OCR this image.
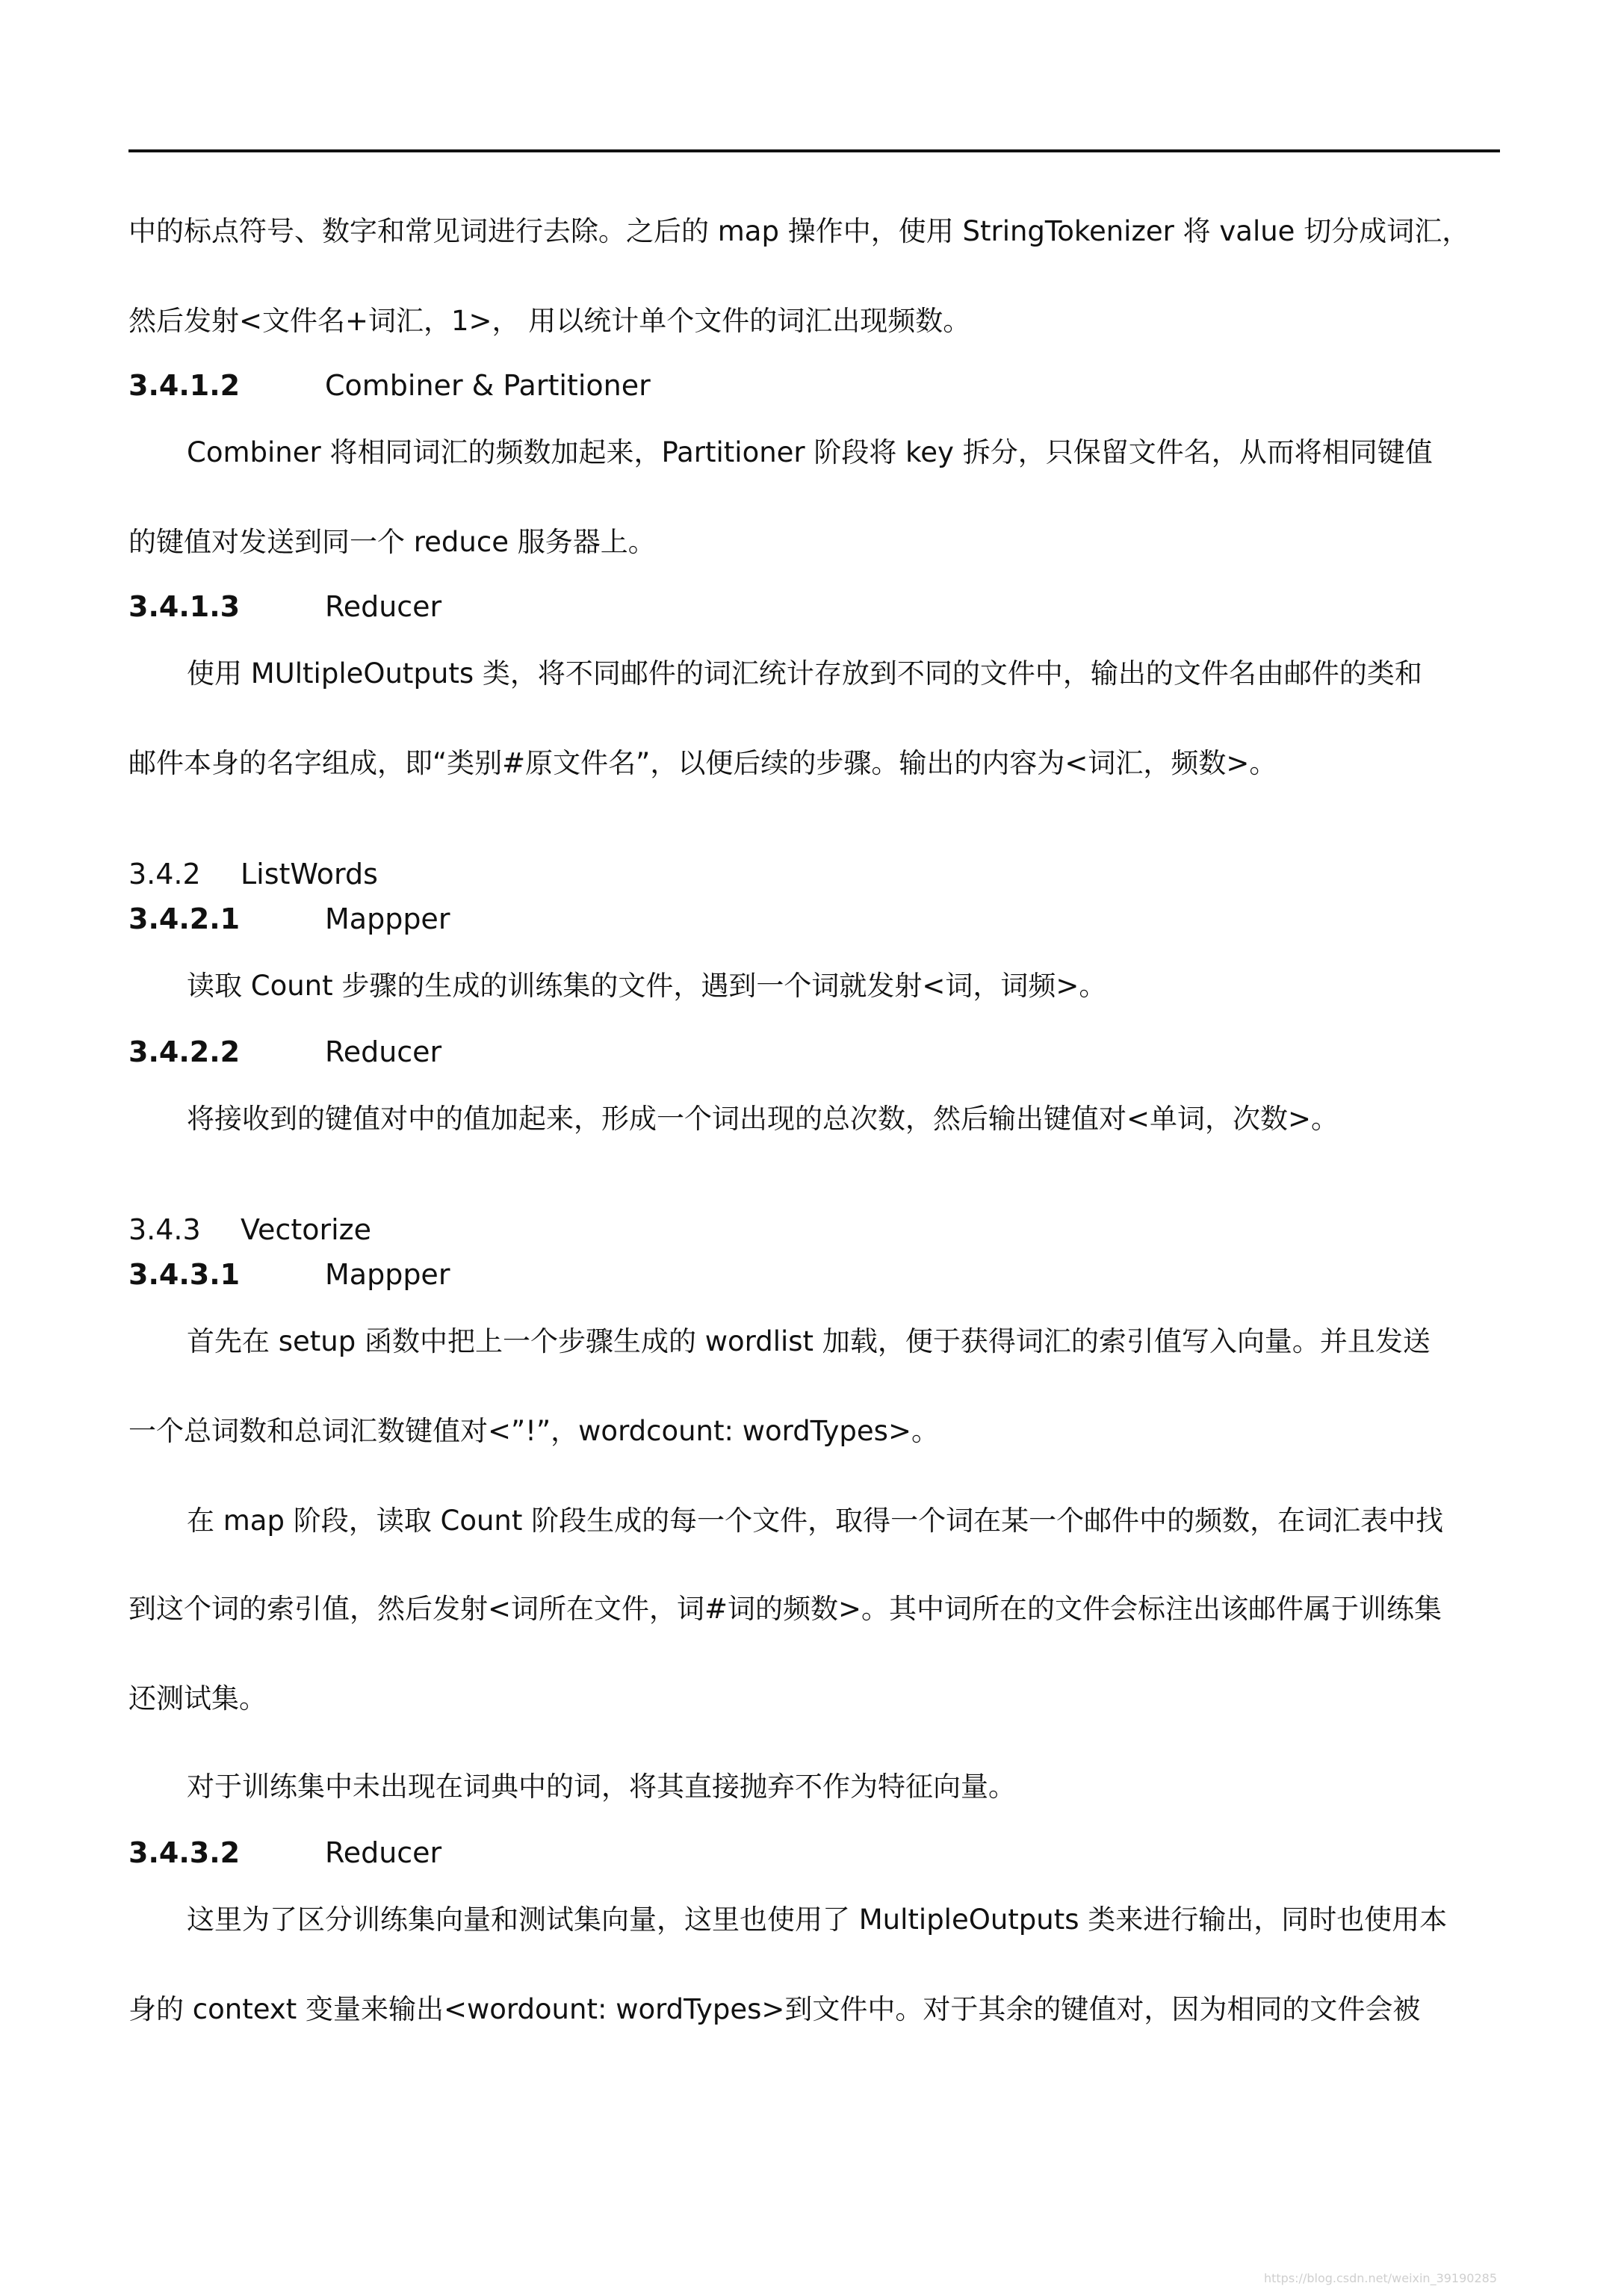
中的标点符号、数字和常见词进行去除。之后的 map 操作中，使用 StringTokenizer 将 value 切分成词汇，
然后发射<文件名+词汇，1>， 用以统计单个文件的词汇出现频数。
3.4.1.2	Combiner & Partitioner
Combiner 将相同词汇的频数加起来，Partitioner 阶段将 key 拆分，只保留文件名，从而将相同键值
的键值对发送到同一个 reduce 服务器上。
3.4.1.3	Reducer
使用 MUltipleOutputs 类，将不同邮件的词汇统计存放到不同的文件中，输出的文件名由邮件的类和
邮件本身的名字组成，即“类别#原文件名”，以便后续的步骤。输出的内容为<词汇，频数>。
3.4.2 ListWords
3.4.2.1	Mappper
读取 Count 步骤的生成的训练集的文件，遇到一个词就发射<词，词频>。
3.4.2.2	Reducer
将接收到的键值对中的值加起来，形成一个词出现的总次数，然后输出键值对<单词，次数>。
3.4.3 Vectorize
3.4.3.1	Mappper
首先在 setup 函数中把上一个步骤生成的 wordlist 加载，便于获得词汇的索引值写入向量。并且发送
一个总词数和总词汇数键值对<”!”，wordcount: wordTypes>。
在 map 阶段，读取 Count 阶段生成的每一个文件，取得一个词在某一个邮件中的频数，在词汇表中找
到这个词的索引值，然后发射<词所在文件，词#词的频数>。其中词所在的文件会标注出该邮件属于训练集
还测试集。
对于训练集中未出现在词典中的词，将其直接抛弃不作为特征向量。
3.4.3.2	Reducer
这里为了区分训练集向量和测试集向量，这里也使用了 MultipleOutputs 类来进行输出，同时也使用本
身的 context 变量来输出<wordount: wordTypes>到文件中。对于其余的键值对，因为相同的文件会被
https://blog.csdn.net/weixin_39190285
